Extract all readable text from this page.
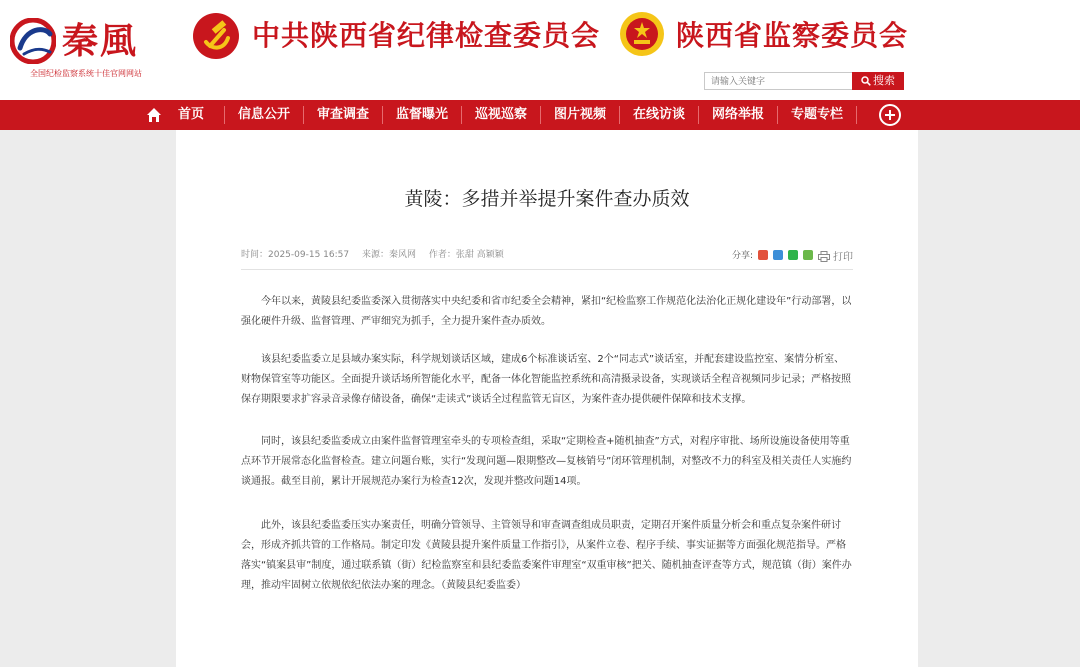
秦風
全国纪检监察系统十佳官网网站
中共陕西省纪律检查委员会	陕西省监察委员会
请输入关键字
搜索
首页	信息公开	审查调查	监督曝光	巡视巡察	图片视频	在线访谈	网络举报	专题专栏
黄陵：多措并举提升案件查办质效
时间：2025-09-15 16:57 来源：秦风网 作者：张甜 高颖颖	分享:	打印
今年以来，黄陵县纪委监委深入贯彻落实中央纪委和省市纪委全会精神，紧扣“纪检监察工作规范化法治化正规化建设年”行动部署，以强化硬件升级、监督管理、严审细究为抓手，全力提升案件查办质效。
该县纪委监委立足县域办案实际，科学规划谈话区域，建成6个标准谈话室、2个“同志式”谈话室，并配套建设监控室、案情分析室、财物保管室等功能区。全面提升谈话场所智能化水平，配备一体化智能监控系统和高清摄录设备，实现谈话全程音视频同步记录；严格按照保存期限要求扩容录音录像存储设备，确保“走读式”谈话全过程监管无盲区，为案件查办提供硬件保障和技术支撑。
同时，该县纪委监委成立由案件监督管理室牵头的专项检查组，采取“定期检查+随机抽查”方式，对程序审批、场所设施设备使用等重点环节开展常态化监督检查。建立问题台账，实行“发现问题—限期整改—复核销号”闭环管理机制，对整改不力的科室及相关责任人实施约谈通报。截至目前，累计开展规范办案行为检查12次，发现并整改问题14项。
此外，该县纪委监委压实办案责任，明确分管领导、主管领导和审查调查组成员职责，定期召开案件质量分析会和重点复杂案件研讨会，形成齐抓共管的工作格局。制定印发《黄陵县提升案件质量工作指引》，从案件立卷、程序手续、事实证据等方面强化规范指导。严格落实“镇案县审”制度，通过联系镇（街）纪检监察室和县纪委监委案件审理室“双重审核”把关、随机抽查评查等方式，规范镇（街）案件办理，推动牢固树立依规依纪依法办案的理念。（黄陵县纪委监委）
